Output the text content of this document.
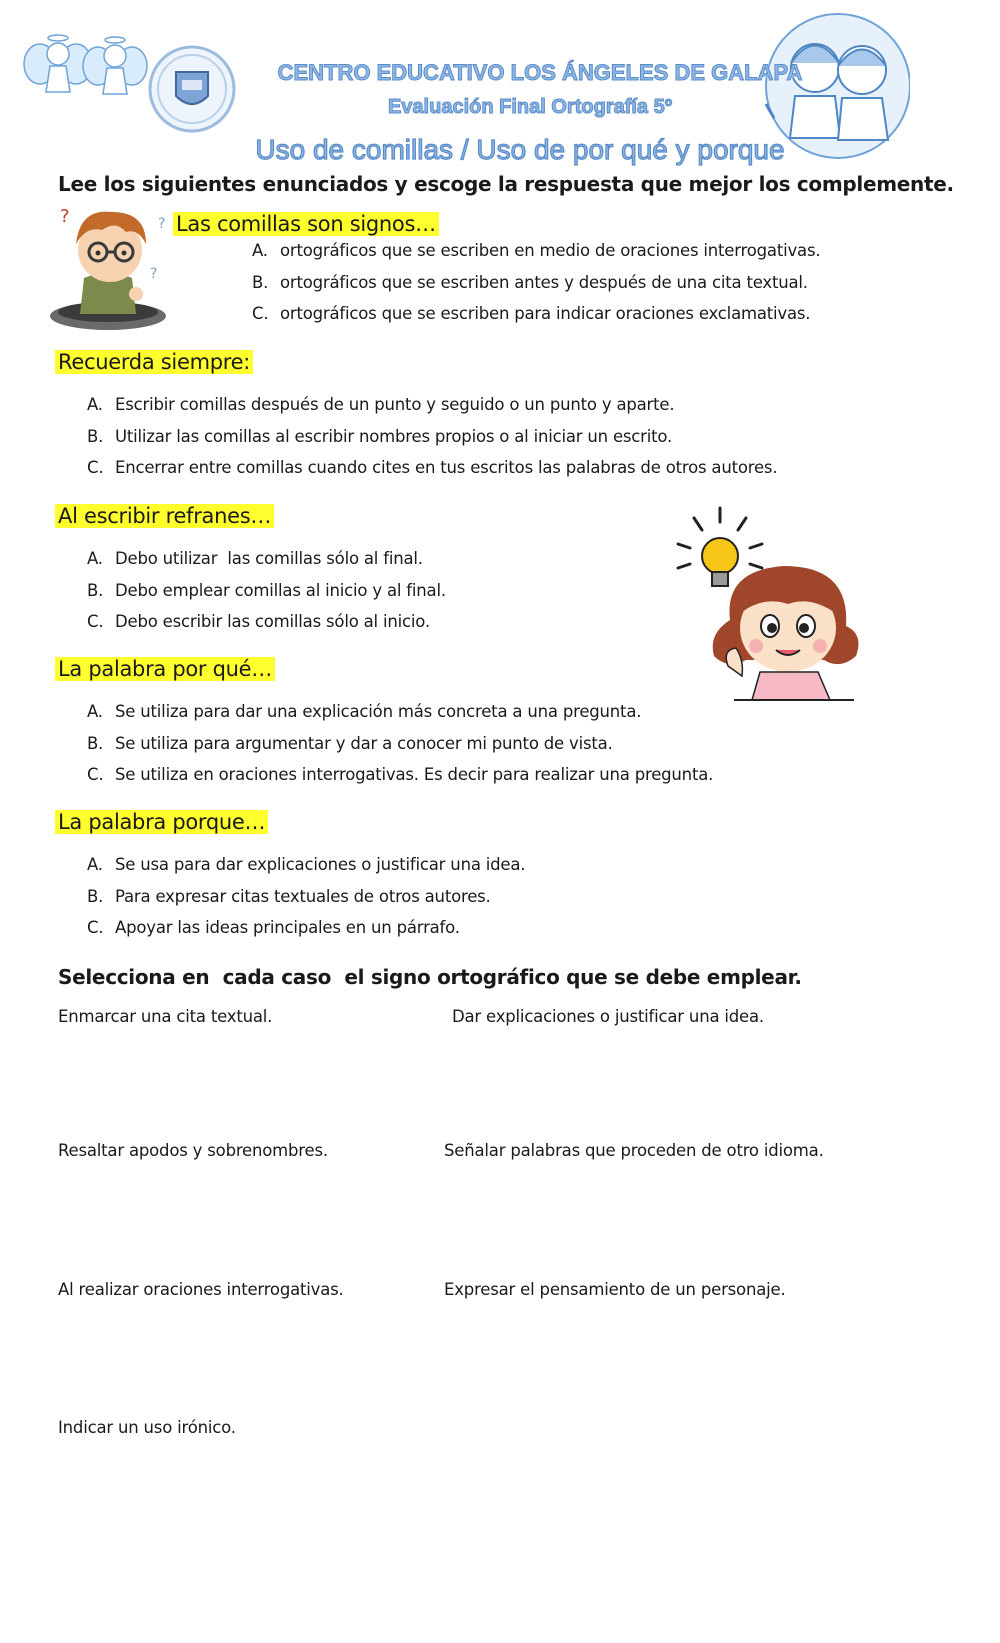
CENTRO EDUCATIVO LOS ÁNGELES DE GALAPA
Evaluación Final Ortografía 5º
Uso de comillas / Uso de por qué y porque
Lee los siguientes enunciados y escoge la respuesta que mejor los complemente.
?	?
?
Las comillas son signos…
A. ortográficos que se escriben en medio de oraciones interrogativas.
B. ortográficos que se escriben antes y después de una cita textual.
C. ortográficos que se escriben para indicar oraciones exclamativas.
Recuerda siempre:
A. Escribir comillas después de un punto y seguido o un punto y aparte.
B. Utilizar las comillas al escribir nombres propios o al iniciar un escrito.
C. Encerrar entre comillas cuando cites en tus escritos las palabras de otros autores.
Al escribir refranes…
A. Debo utilizar  las comillas sólo al final.
B. Debo emplear comillas al inicio y al final.
C. Debo escribir las comillas sólo al inicio.
La palabra por qué…
A. Se utiliza para dar una explicación más concreta a una pregunta.
B. Se utiliza para argumentar y dar a conocer mi punto de vista.
C. Se utiliza en oraciones interrogativas. Es decir para realizar una pregunta.
La palabra porque…
A. Se usa para dar explicaciones o justificar una idea.
B. Para expresar citas textuales de otros autores.
C. Apoyar las ideas principales en un párrafo.
Selecciona en  cada caso  el signo ortográfico que se debe emplear.
Enmarcar una cita textual.	Dar explicaciones o justificar una idea.
Resaltar apodos y sobrenombres.	Señalar palabras que proceden de otro idioma.
Al realizar oraciones interrogativas.	Expresar el pensamiento de un personaje.
Indicar un uso irónico.
